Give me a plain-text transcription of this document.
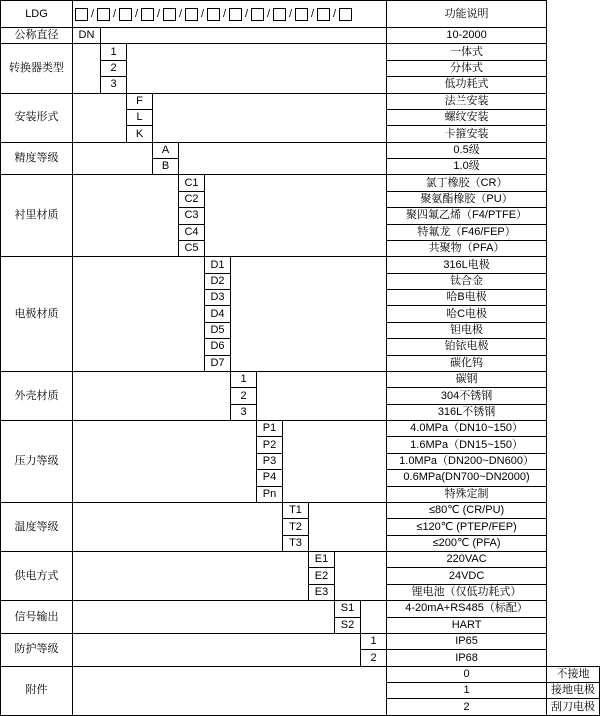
LDG	/ / / / / / / / / / / /	功能说明
公称直径	DN												10-2000	
转换器类型		1											一体式	
		2											分体式	
		3											低功耗式	
安装形式			F										法兰安装	
			L										螺纹安装	
			K										卡箍安装	
精度等级				A									0.5级	
				B									1.0级	
衬里材质					C1								氯丁橡胶（CR）	
					C2								聚氨酯橡胶（PU）	
					C3								聚四氟乙烯（F4/PTFE）	
					C4								特氟龙（F46/FEP）	
					C5								共聚物（PFA）	
电极材质						D1							316L电极	
						D2							钛合金	
						D3							哈B电极	
						D4							哈C电极	
						D5							钽电极	
						D6							铂铱电极	
						D7							碳化钨	
外壳材质							1						碳钢	
							2						304不锈钢	
							3						316L不锈钢	
压力等级								P1					4.0MPa（DN10~150）	
								P2					1.6MPa（DN15~150）	
								P3					1.0MPa（DN200~DN600）	
								P4					0.6MPa(DN700~DN2000)	
								Pn					特殊定制	
温度等级									T1				≤80℃ (CR/PU)	
									T2				≤120℃ (PTEP/FEP)	
									T3				≤200℃ (PFA)	
供电方式										E1			220VAC	
										E2			24VDC	
										E3			锂电池（仅低功耗式）	
信号输出											S1		4-20mA+RS485（标配）	
											S2		HART	
防护等级												1	IP65	
												2	IP68	
附件													0	不接地
													1	接地电极
													2	刮刀电极
